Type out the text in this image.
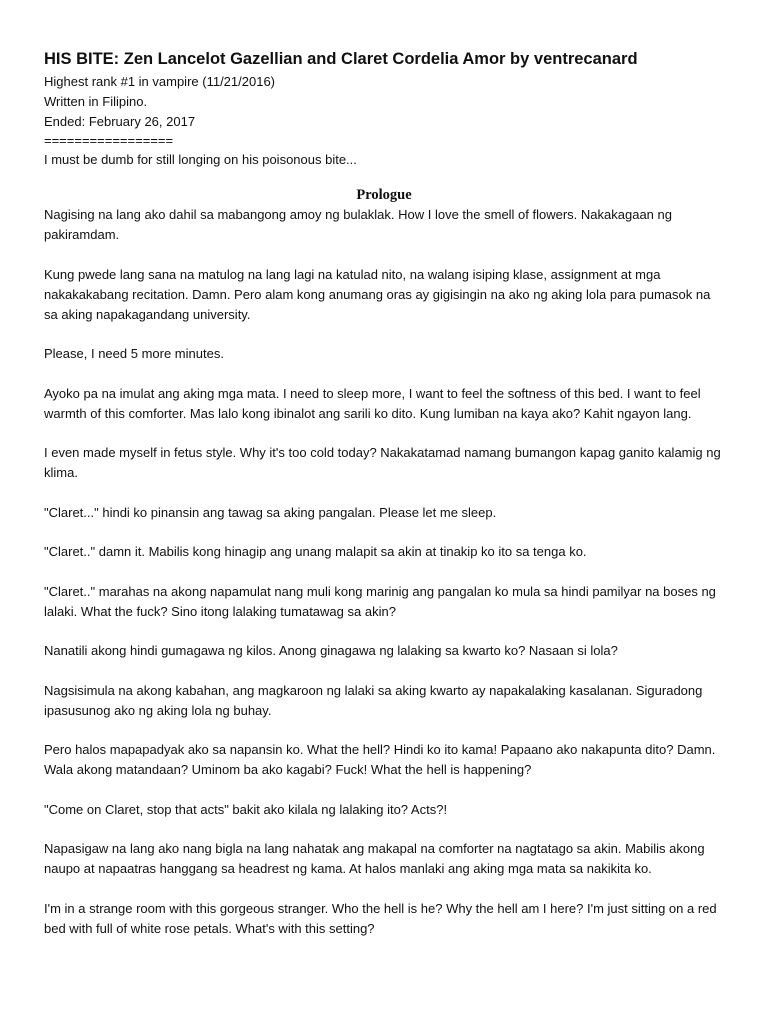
HIS BITE: Zen Lancelot Gazellian and Claret Cordelia Amor by ventrecanard

Highest rank #1 in vampire (11/21/2016)

Written in Filipino.

Ended: February 26, 2017

=================

I must be dumb for still longing on his poisonous bite...

Prologue

Nagising na lang ako dahil sa mabangong amoy ng bulaklak. How I love the smell of flowers. Nakakagaan ng pakiramdam.

Kung pwede lang sana na matulog na lang lagi na katulad nito, na walang isiping klase, assignment at mga nakakakabang recitation. Damn. Pero alam kong anumang oras ay gigisingin na ako ng aking lola para pumasok na sa aking napakagandang university.

Please, I need 5 more minutes.

Ayoko pa na imulat ang aking mga mata. I need to sleep more, I want to feel the softness of this bed. I want to feel warmth of this comforter. Mas lalo kong ibinalot ang sarili ko dito. Kung lumiban na kaya ako? Kahit ngayon lang.

I even made myself in fetus style. Why it's too cold today? Nakakatamad namang bumangon kapag ganito kalamig ng klima.

"Claret..." hindi ko pinansin ang tawag sa aking pangalan. Please let me sleep.

"Claret.." damn it. Mabilis kong hinagip ang unang malapit sa akin at tinakip ko ito sa tenga ko.

"Claret.." marahas na akong napamulat nang muli kong marinig ang pangalan ko mula sa hindi pamilyar na boses ng lalaki. What the fuck? Sino itong lalaking tumatawag sa akin?

Nanatili akong hindi gumagawa ng kilos. Anong ginagawa ng lalaking sa kwarto ko? Nasaan si lola?

Nagsisimula na akong kabahan, ang magkaroon ng lalaki sa aking kwarto ay napakalaking kasalanan. Siguradong ipasusunog ako ng aking lola ng buhay.

Pero halos mapapadyak ako sa napansin ko. What the hell? Hindi ko ito kama! Papaano ako nakapunta dito? Damn. Wala akong matandaan? Uminom ba ako kagabi? Fuck! What the hell is happening?

"Come on Claret, stop that acts" bakit ako kilala ng lalaking ito? Acts?!

Napasigaw na lang ako nang bigla na lang nahatak ang makapal na comforter na nagtatago sa akin. Mabilis akong naupo at napaatras hanggang sa headrest ng kama. At halos manlaki ang aking mga mata sa nakikita ko.

I'm in a strange room with this gorgeous stranger. Who the hell is he? Why the hell am I here? I'm just sitting on a red bed with full of white rose petals. What's with this setting?
